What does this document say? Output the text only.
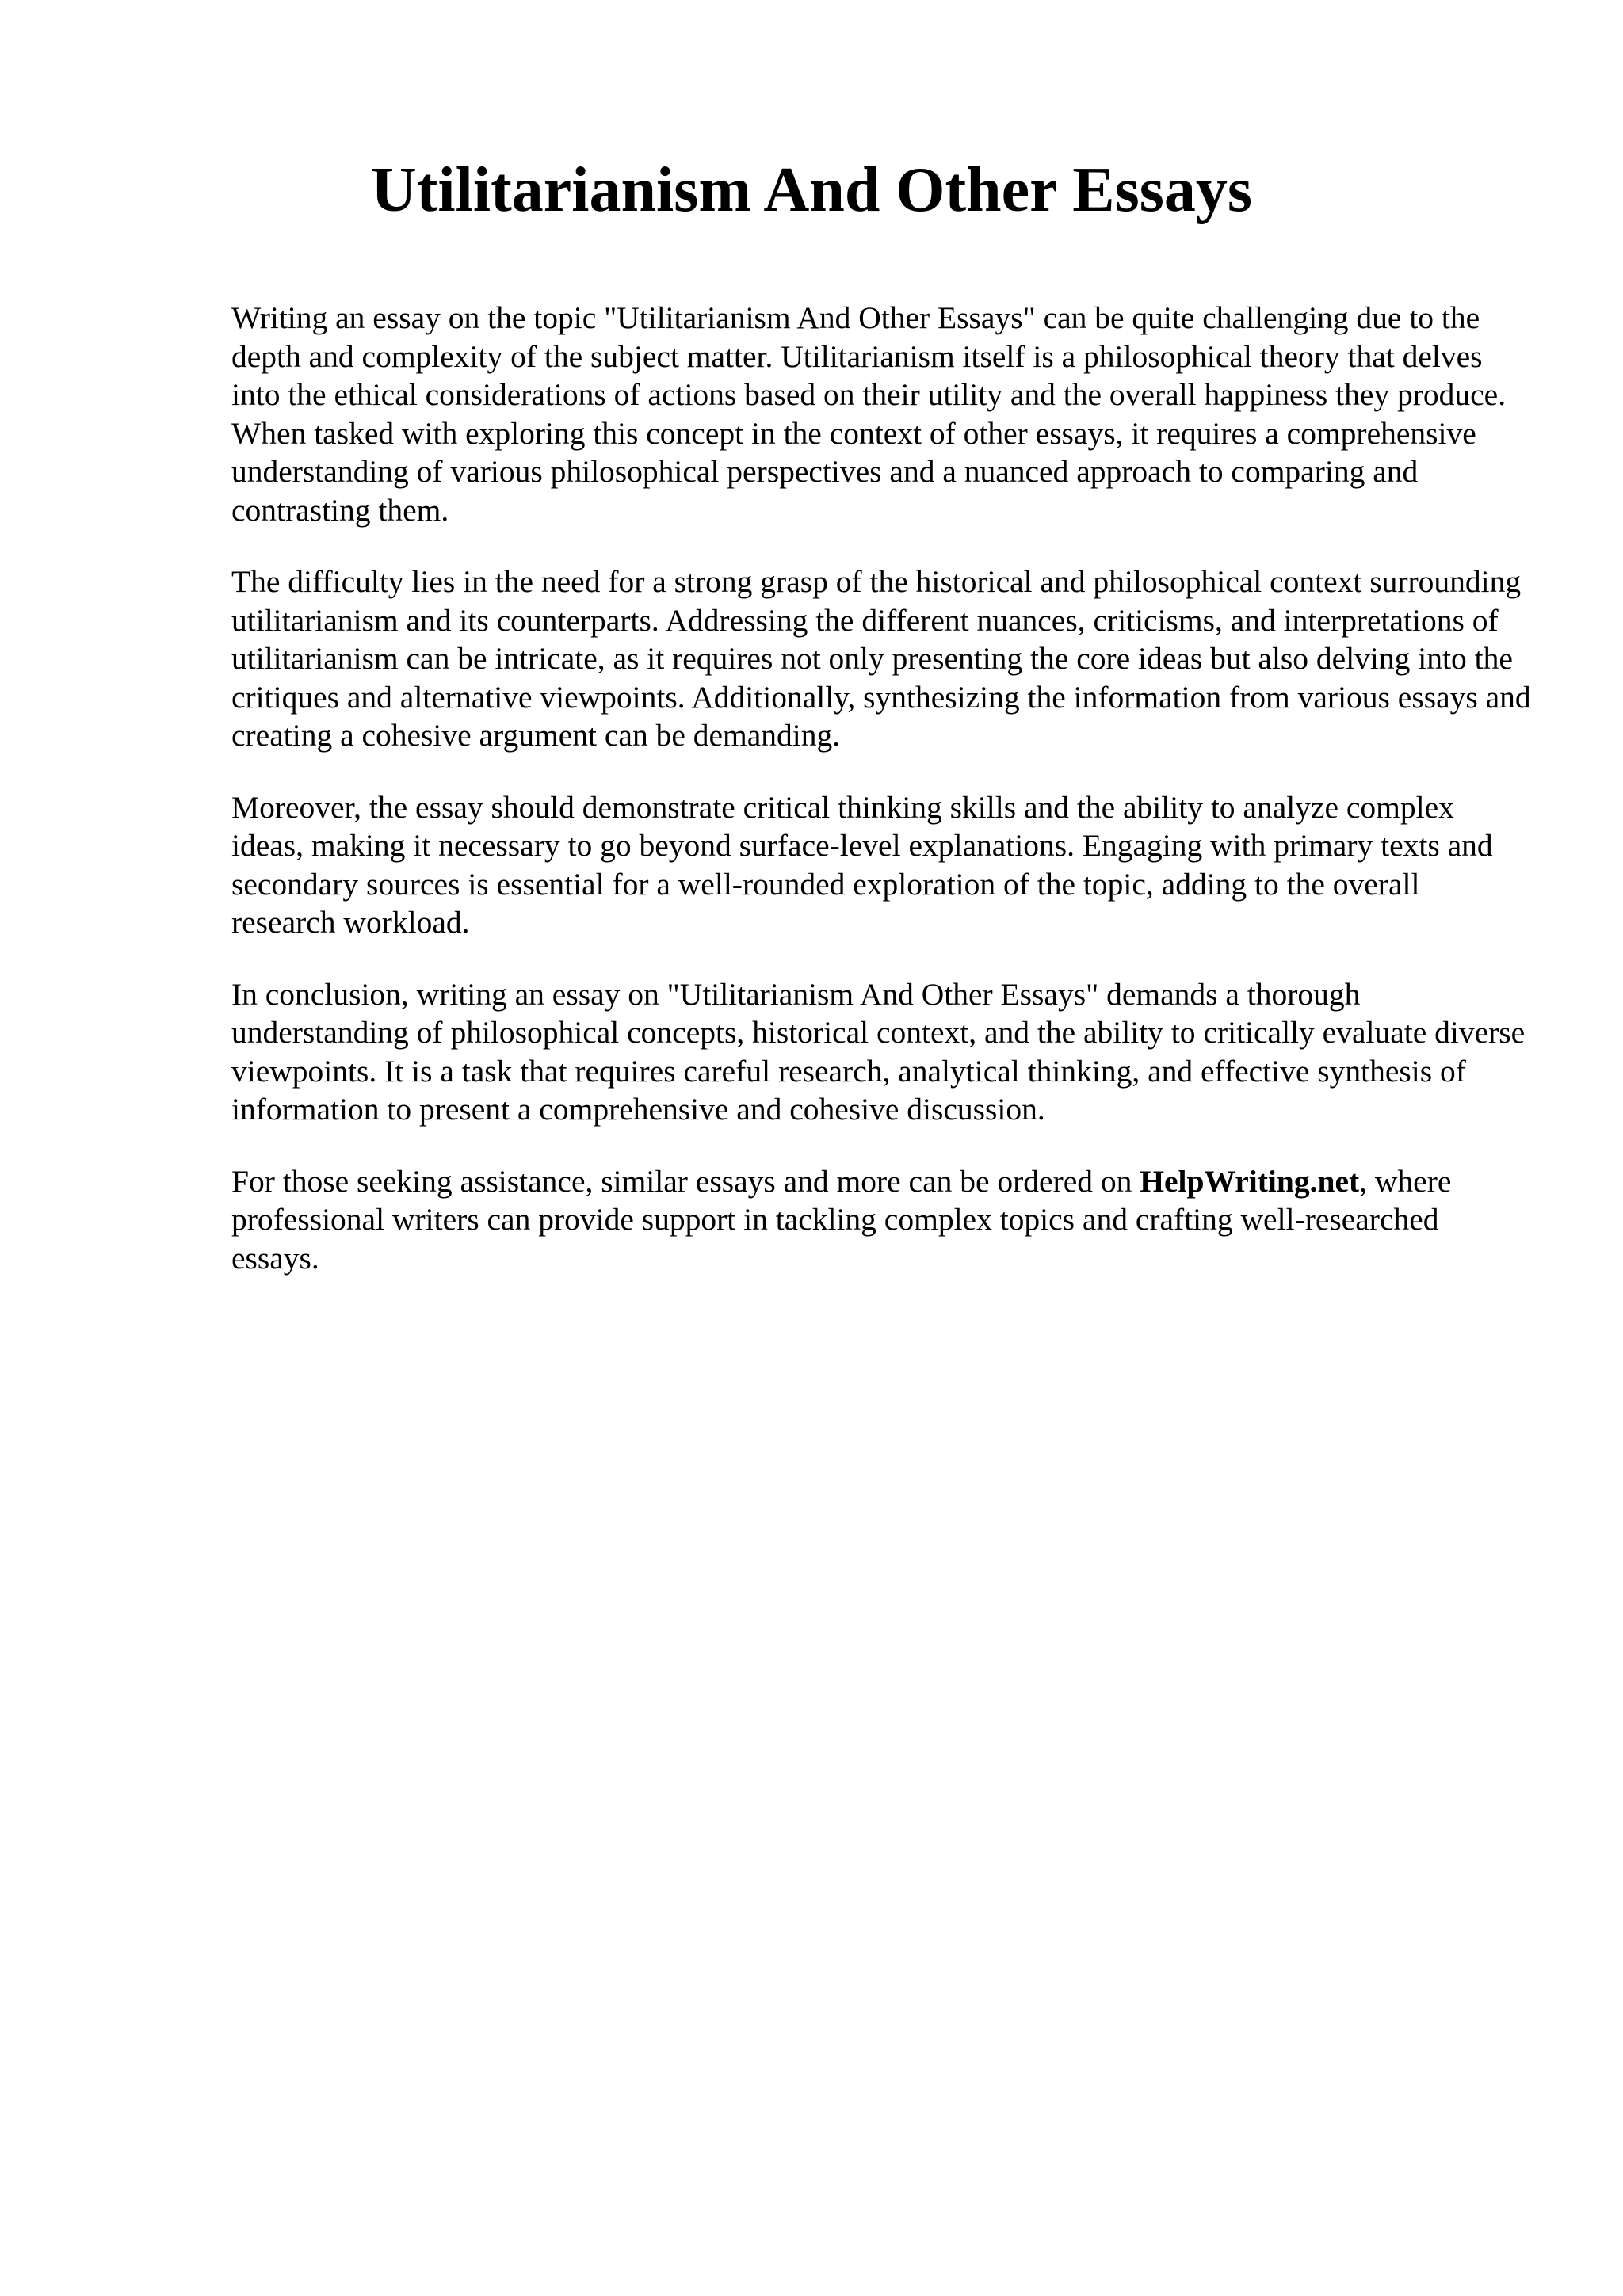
Utilitarianism And Other Essays

Writing an essay on the topic "Utilitarianism And Other Essays" can be quite challenging due to the depth and complexity of the subject matter. Utilitarianism itself is a philosophical theory that delves into the ethical considerations of actions based on their utility and the overall happiness they produce. When tasked with exploring this concept in the context of other essays, it requires a comprehensive understanding of various philosophical perspectives and a nuanced approach to comparing and contrasting them.

The difficulty lies in the need for a strong grasp of the historical and philosophical context surrounding utilitarianism and its counterparts. Addressing the different nuances, criticisms, and interpretations of utilitarianism can be intricate, as it requires not only presenting the core ideas but also delving into the critiques and alternative viewpoints. Additionally, synthesizing the information from various essays and creating a cohesive argument can be demanding.

Moreover, the essay should demonstrate critical thinking skills and the ability to analyze complex ideas, making it necessary to go beyond surface-level explanations. Engaging with primary texts and secondary sources is essential for a well-rounded exploration of the topic, adding to the overall research workload.

In conclusion, writing an essay on "Utilitarianism And Other Essays" demands a thorough understanding of philosophical concepts, historical context, and the ability to critically evaluate diverse viewpoints. It is a task that requires careful research, analytical thinking, and effective synthesis of information to present a comprehensive and cohesive discussion.

For those seeking assistance, similar essays and more can be ordered on HelpWriting.net, where professional writers can provide support in tackling complex topics and crafting well-researched essays.
